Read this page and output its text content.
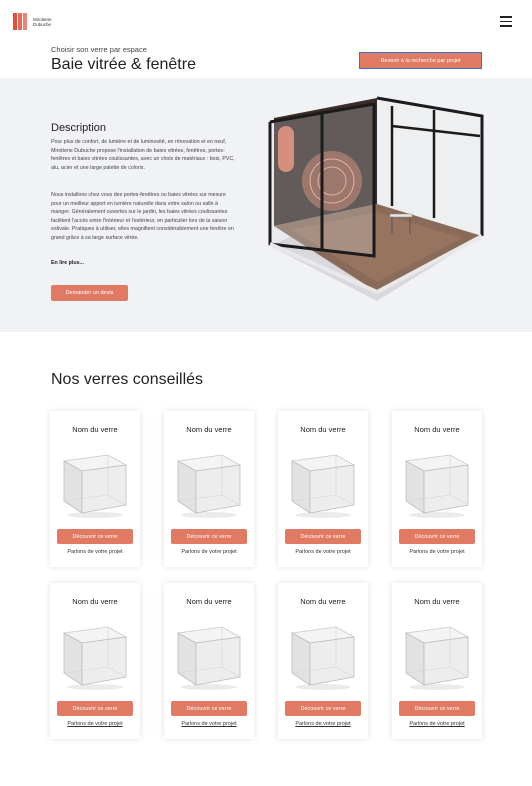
Miroiterie Dubuche
Choisir son verre par espace
Baie vitrée & fenêtre	Revenir à la recherche par projet
Description
Pour plus de confort, de lumière et de luminosité, en rénovation et en neuf, Miroiterie Dubuche propose l'installation de baies vitrées, fenêtres, portes-fenêtres et baies vitrées coulissantes, avec un choix de matériaux : bois, PVC, alu, acier et une large palette de coloris.
Nous installons chez vous des portes-fenêtres ou baies vitrées sur mesure pour un meilleur apport en lumière naturelle dans votre salon ou salle à manger. Généralement ouvertes sur le jardin, les baies vitrées coulissantes facilitent l'accès entre l'intérieur et l'extérieur, en particulier lors de la saison estivale. Pratiques à utiliser, elles magnifient considérablement une fenêtre en grand grâce à sa large surface vitrée.
En lire plus...
Demander un devis
Nos verres conseillés
Nom du verre
Découvrir ce verre
Parlons de votre projet
Nom du verre
Découvrir ce verre
Parlons de votre projet
Nom du verre
Découvrir ce verre
Parlons de votre projet
Nom du verre
Découvrir ce verre
Parlons de votre projet
Nom du verre
Découvrir ce verre
Parlons de votre projet
Nom du verre
Découvrir ce verre
Parlons de votre projet
Nom du verre
Découvrir ce verre
Parlons de votre projet
Nom du verre
Découvrir ce verre
Parlons de votre projet
